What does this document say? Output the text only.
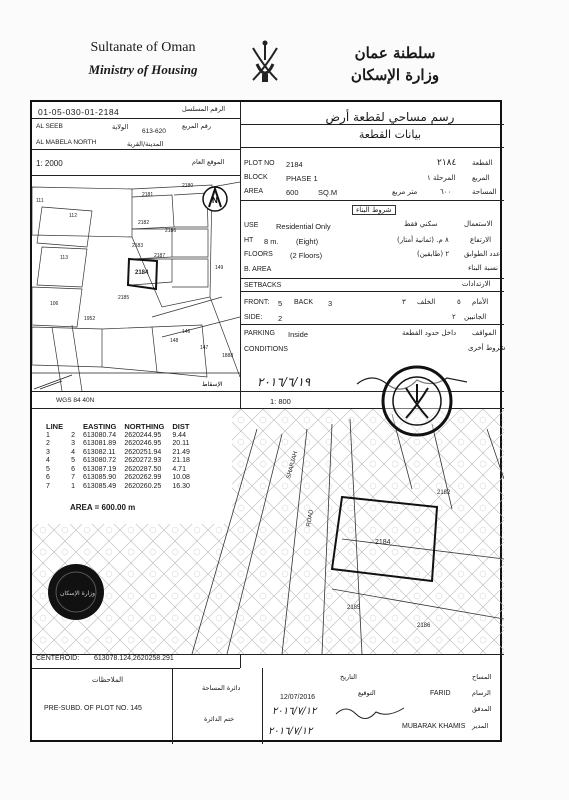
Sultanate of Oman
Ministry of Housing
سلطنة عمان
وزارة الإسكان
01-05-030-01-2184	الرقم المسلسل
AL SEEB	الولاية
613-620
رقم المربع
AL MABELA NORTH	المدينة/القرية
1: 2000	الموقع العام
N
2184
2185
2181
2182
2183
2186
2187
2180
111
112
113
106
1952
148
147
146
149
1888
الإسقاط
رسم مساحي لقطعة أرض
بيانات القطعة
PLOT NO 2184	٢١٨٤ القطعة
BLOCK PHASE 1	المرحلة ١ المربع
AREA	600	SQ.M	متر مربع	٦٠٠	المساحة
شروط البناء
USE Residential Only	سكني فقط	الاستعمال
HT 8 m. (Eight)	٨ م. (ثمانية أمتار)	الارتفاع
FLOORS (2 Floors)	٢ (طابقين) عدد الطوابق
B. AREA	نسبة البناء
SETBACKS	الارتدادات
FRONT: 5 BACK 3	٣ الخلف	٥ الأمام
SIDE: 2	٢ الجانبين
PARKING Inside	داخل حدود القطعة المواقف
CONDITIONS	شروط أخرى
٢٠١٦/٦/١٩
WGS 84 40N	1: 800
SHARJAH
ROAD
2184
2182
2185
2186
LINE		EASTING	NORTHING	DIST
1	2	613080.74	2620244.95	9.44
2	3	613081.89	2620246.95	20.11
3	4	613082.11	2620251.94	21.49
4	5	613080.72	2620272.93	21.18
5	6	613087.19	2620287.50	4.71
6	7	613085.90	2620262.99	10.08
7	1	613085.49	2620260.25	16.30
AREA = 600.00 m
وزارة الإسكان
CENTEROID: 613078.124,2620258.291
الملاحظات
PRE-SUBD. OF PLOT NO. 145
دائرة المساحة
ختم الدائرة
المساح
التاريخ
الرسام
FARID
التوقيع
12/07/2016
المدقق
٢٠١٦/٧/١٢
المدير
MUBARAK KHAMIS
٢٠١٦/٧/١٢
